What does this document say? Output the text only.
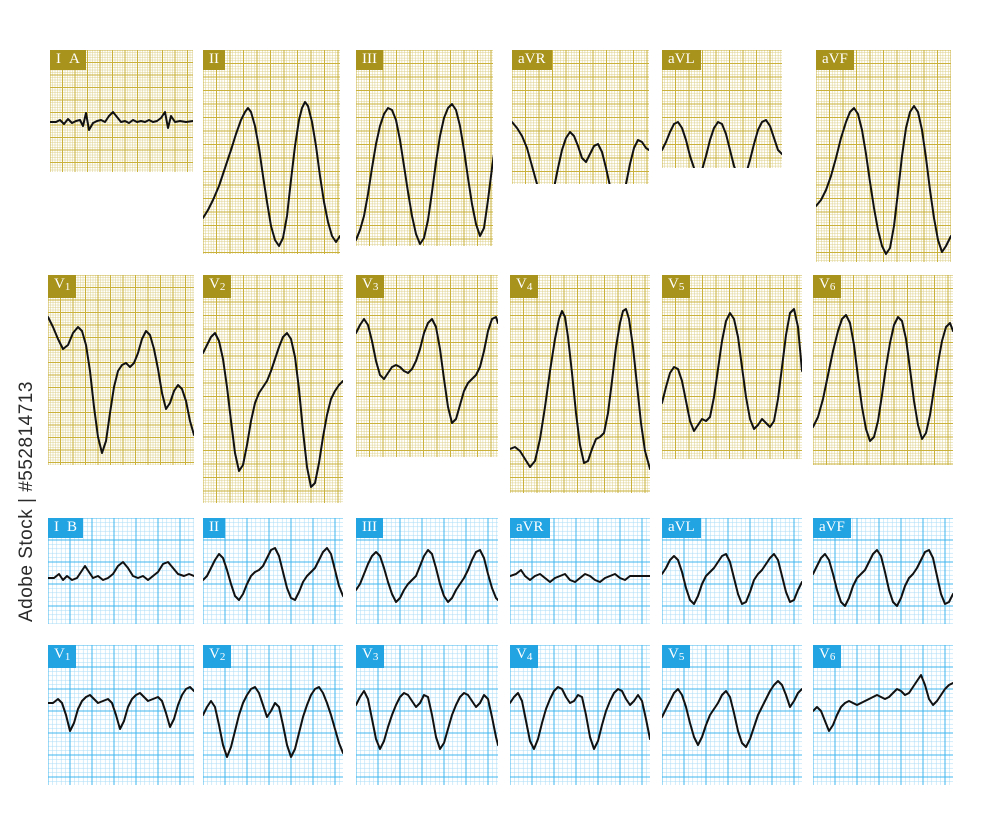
Adobe Stock | #552814713
I A	II	III	aVR	aVL	aVF
V1	V2	V3	V4	V5	V6
I B	II	III	aVR	aVL	aVF
V1	V2	V3	V4	V5	V6
